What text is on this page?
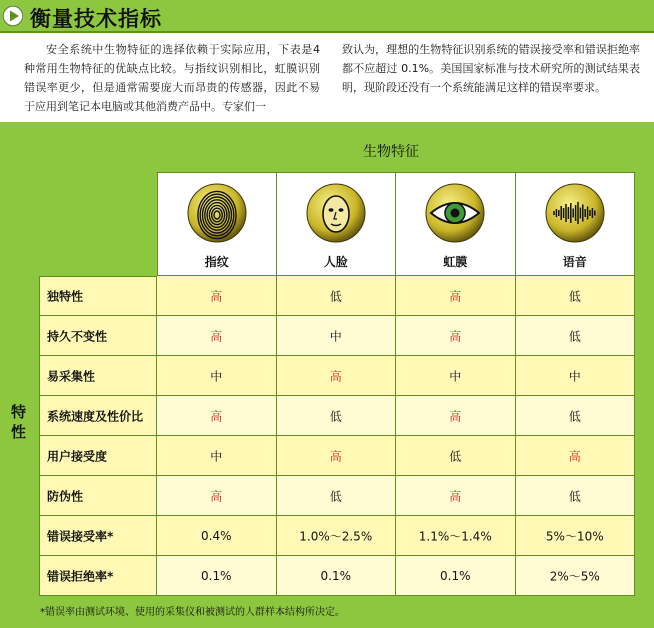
衡量技术指标
安全系统中生物特征的选择依赖于实际应用，下表是4 种常用生物特征的优缺点比较。与指纹识别相比，虹膜识别错误率更少，但是通常需要庞大而昂贵的传感器，因此不易于应用到笔记本电脑或其他消费产品中。专家们一
致认为，理想的生物特征识别系统的错误接受率和错误拒绝率都不应超过 0.1%。美国国家标准与技术研究所的测试结果表明，现阶段还没有一个系统能满足这样的错误率要求。
生物特征
特性
指纹	人脸	虹膜	语音
独特性	高	低	高	低
持久不变性	高	中	高	低
易采集性	中	高	中	中
系统速度及性价比	高	低	高	低
用户接受度	中	高	低	高
防伪性	高	低	高	低
错误接受率*	0.4%	1.0%～2.5%	1.1%～1.4%	5%～10%
错误拒绝率*	0.1%	0.1%	0.1%	2%～5%
*错误率由测试环境、使用的采集仪和被测试的人群样本结构所决定。
